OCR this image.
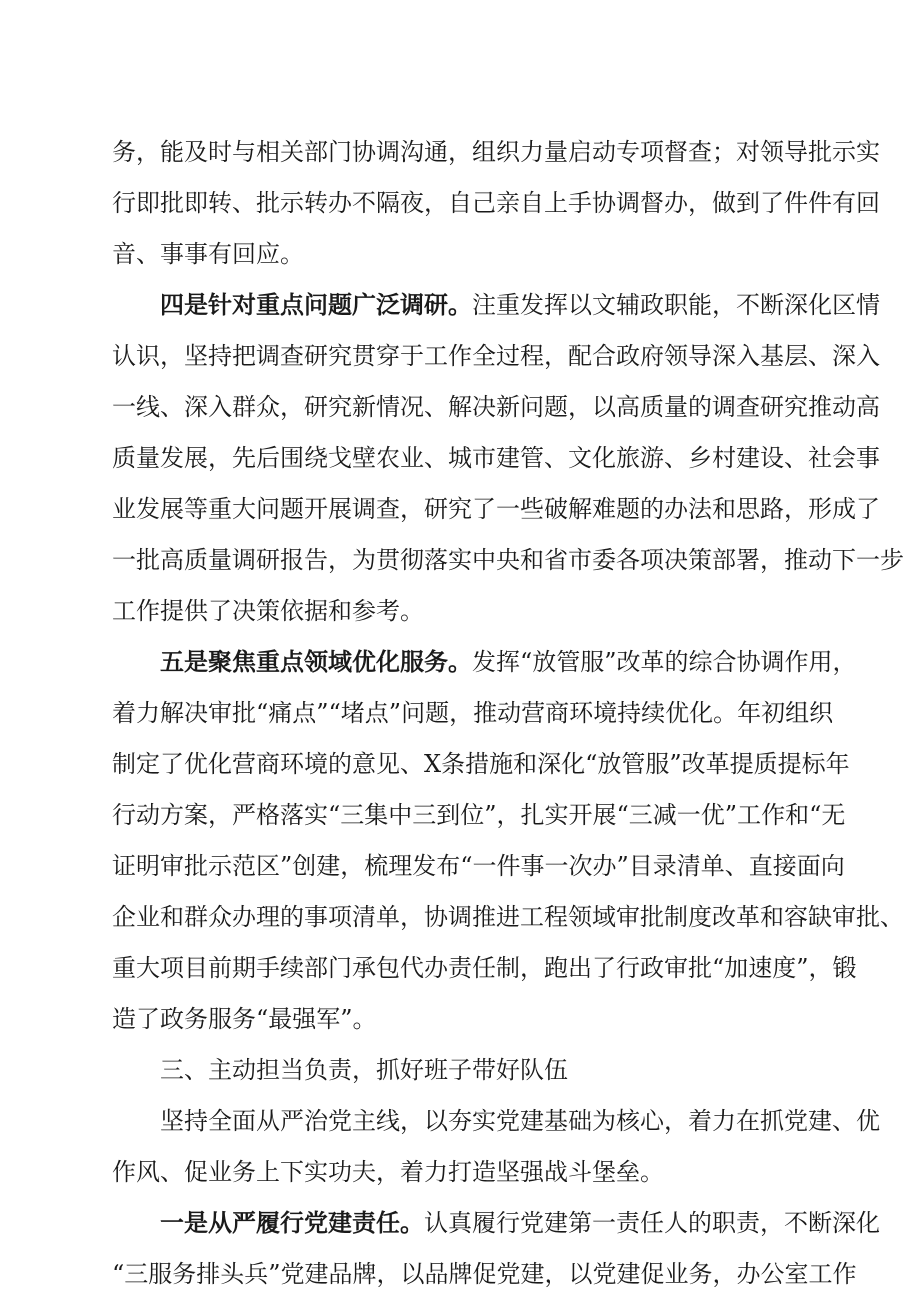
务，能及时与相关部门协调沟通，组织力量启动专项督查；对领导批示实
行即批即转、批示转办不隔夜，自己亲自上手协调督办，做到了件件有回
音、事事有回应。
四是针对重点问题广泛调研。注重发挥以文辅政职能，不断深化区情
认识，坚持把调查研究贯穿于工作全过程，配合政府领导深入基层、深入
一线、深入群众，研究新情况、解决新问题，以高质量的调查研究推动高
质量发展，先后围绕戈壁农业、城市建管、文化旅游、乡村建设、社会事
业发展等重大问题开展调查，研究了一些破解难题的办法和思路，形成了
一批高质量调研报告，为贯彻落实中央和省市委各项决策部署，推动下一步
工作提供了决策依据和参考。
五是聚焦重点领域优化服务。发挥“放管服”改革的综合协调作用，
着力解决审批“痛点”“堵点”问题，推动营商环境持续优化。年初组织
制定了优化营商环境的意见、X条措施和深化“放管服”改革提质提标年
行动方案，严格落实“三集中三到位”，扎实开展“三减一优”工作和“无
证明审批示范区”创建，梳理发布“一件事一次办”目录清单、直接面向
企业和群众办理的事项清单，协调推进工程领域审批制度改革和容缺审批、
重大项目前期手续部门承包代办责任制，跑出了行政审批“加速度”，锻
造了政务服务“最强军”。
三、主动担当负责，抓好班子带好队伍
坚持全面从严治党主线，以夯实党建基础为核心，着力在抓党建、优
作风、促业务上下实功夫，着力打造坚强战斗堡垒。
一是从严履行党建责任。认真履行党建第一责任人的职责，不断深化
“三服务排头兵”党建品牌，以品牌促党建，以党建促业务，办公室工作
